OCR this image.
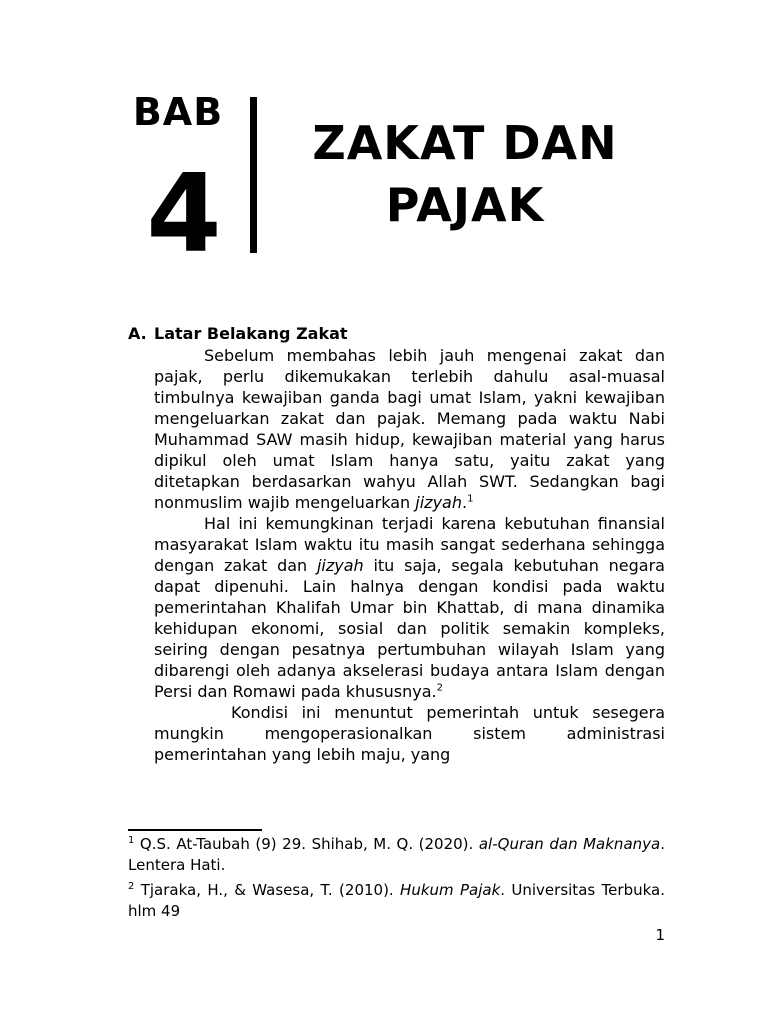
BAB
4
ZAKAT DAN
PAJAK

A. Latar Belakang Zakat

Sebelum membahas lebih jauh mengenai zakat dan pajak, perlu dikemukakan terlebih dahulu asal-muasal timbulnya kewajiban ganda bagi umat Islam, yakni kewajiban mengeluarkan zakat dan pajak. Memang pada waktu Nabi Muhammad SAW masih hidup, kewajiban material yang harus dipikul oleh umat Islam hanya satu, yaitu zakat yang ditetapkan berdasarkan wahyu Allah SWT. Sedangkan bagi nonmuslim wajib mengeluarkan jizyah.$^1$

Hal ini kemungkinan terjadi karena kebutuhan finansial masyarakat Islam waktu itu masih sangat sederhana sehingga dengan zakat dan jizyah itu saja, segala kebutuhan negara dapat dipenuhi. Lain halnya dengan kondisi pada waktu pemerintahan Khalifah Umar bin Khattab, di mana dinamika kehidupan ekonomi, sosial dan politik semakin kompleks, seiring dengan pesatnya pertumbuhan wilayah Islam yang dibarengi oleh adanya akselerasi budaya antara Islam dengan Persi dan Romawi pada khususnya.$^2$

Kondisi ini menuntut pemerintah untuk sesegera mungkin mengoperasionalkan sistem administrasi pemerintahan yang lebih maju, yang

$^1$ Q.S. At-Taubah (9) 29. Shihab, M. Q. (2020). al-Quran dan Maknanya. Lentera Hati.

$^2$ Tjaraka, H., & Wasesa, T. (2010). Hukum Pajak. Universitas Terbuka. hlm 49

1
